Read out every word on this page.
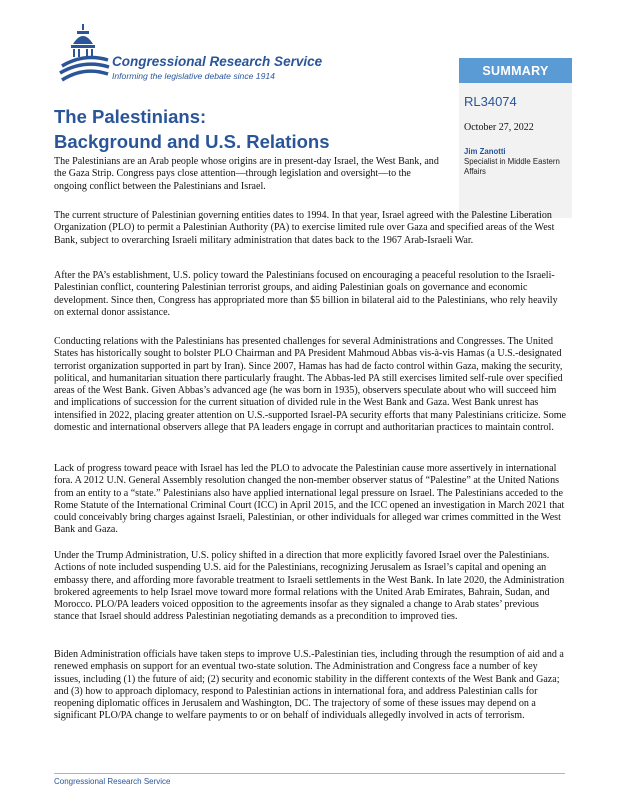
Congressional Research Service
Informing the legislative debate since 1914	SUMMARY
RL34074
October 27, 2022
Jim Zanotti
Specialist in Middle Eastern Affairs
The Palestinians:
Background and U.S. Relations

The Palestinians are an Arab people whose origins are in present-day Israel, the West Bank, and the Gaza Strip. Congress pays close attention—through legislation and oversight—to the ongoing conflict between the Palestinians and Israel.

The current structure of Palestinian governing entities dates to 1994. In that year, Israel agreed with the Palestine Liberation Organization (PLO) to permit a Palestinian Authority (PA) to exercise limited rule over Gaza and specified areas of the West Bank, subject to overarching Israeli military administration that dates back to the 1967 Arab-Israeli War.

After the PA’s establishment, U.S. policy toward the Palestinians focused on encouraging a peaceful resolution to the Israeli-Palestinian conflict, countering Palestinian terrorist groups, and aiding Palestinian goals on governance and economic development. Since then, Congress has appropriated more than $5 billion in bilateral aid to the Palestinians, who rely heavily on external donor assistance.

Conducting relations with the Palestinians has presented challenges for several Administrations and Congresses. The United States has historically sought to bolster PLO Chairman and PA President Mahmoud Abbas vis-à-vis Hamas (a U.S.-designated terrorist organization supported in part by Iran). Since 2007, Hamas has had de facto control within Gaza, making the security, political, and humanitarian situation there particularly fraught. The Abbas-led PA still exercises limited self-rule over specified areas of the West Bank. Given Abbas’s advanced age (he was born in 1935), observers speculate about who will succeed him and implications of succession for the current situation of divided rule in the West Bank and Gaza. West Bank unrest has intensified in 2022, placing greater attention on U.S.-supported Israel-PA security efforts that many Palestinians criticize. Some domestic and international observers allege that PA leaders engage in corrupt and authoritarian practices to maintain control.

Lack of progress toward peace with Israel has led the PLO to advocate the Palestinian cause more assertively in international fora. A 2012 U.N. General Assembly resolution changed the non-member observer status of “Palestine” at the United Nations from an entity to a “state.” Palestinians also have applied international legal pressure on Israel. The Palestinians acceded to the Rome Statute of the International Criminal Court (ICC) in April 2015, and the ICC opened an investigation in March 2021 that could conceivably bring charges against Israeli, Palestinian, or other individuals for alleged war crimes committed in the West Bank and Gaza.

Under the Trump Administration, U.S. policy shifted in a direction that more explicitly favored Israel over the Palestinians. Actions of note included suspending U.S. aid for the Palestinians, recognizing Jerusalem as Israel’s capital and opening an embassy there, and affording more favorable treatment to Israeli settlements in the West Bank. In late 2020, the Administration brokered agreements to help Israel move toward more formal relations with the United Arab Emirates, Bahrain, Sudan, and Morocco. PLO/PA leaders voiced opposition to the agreements insofar as they signaled a change to Arab states’ previous stance that Israel should address Palestinian negotiating demands as a precondition to improved ties.

Biden Administration officials have taken steps to improve U.S.-Palestinian ties, including through the resumption of aid and a renewed emphasis on support for an eventual two-state solution. The Administration and Congress face a number of key issues, including (1) the future of aid; (2) security and economic stability in the different contexts of the West Bank and Gaza; and (3) how to approach diplomacy, respond to Palestinian actions in international fora, and address Palestinian calls for reopening diplomatic offices in Jerusalem and Washington, DC. The trajectory of some of these issues may depend on a significant PLO/PA change to welfare payments to or on behalf of individuals allegedly involved in acts of terrorism.

Congressional Research Service
